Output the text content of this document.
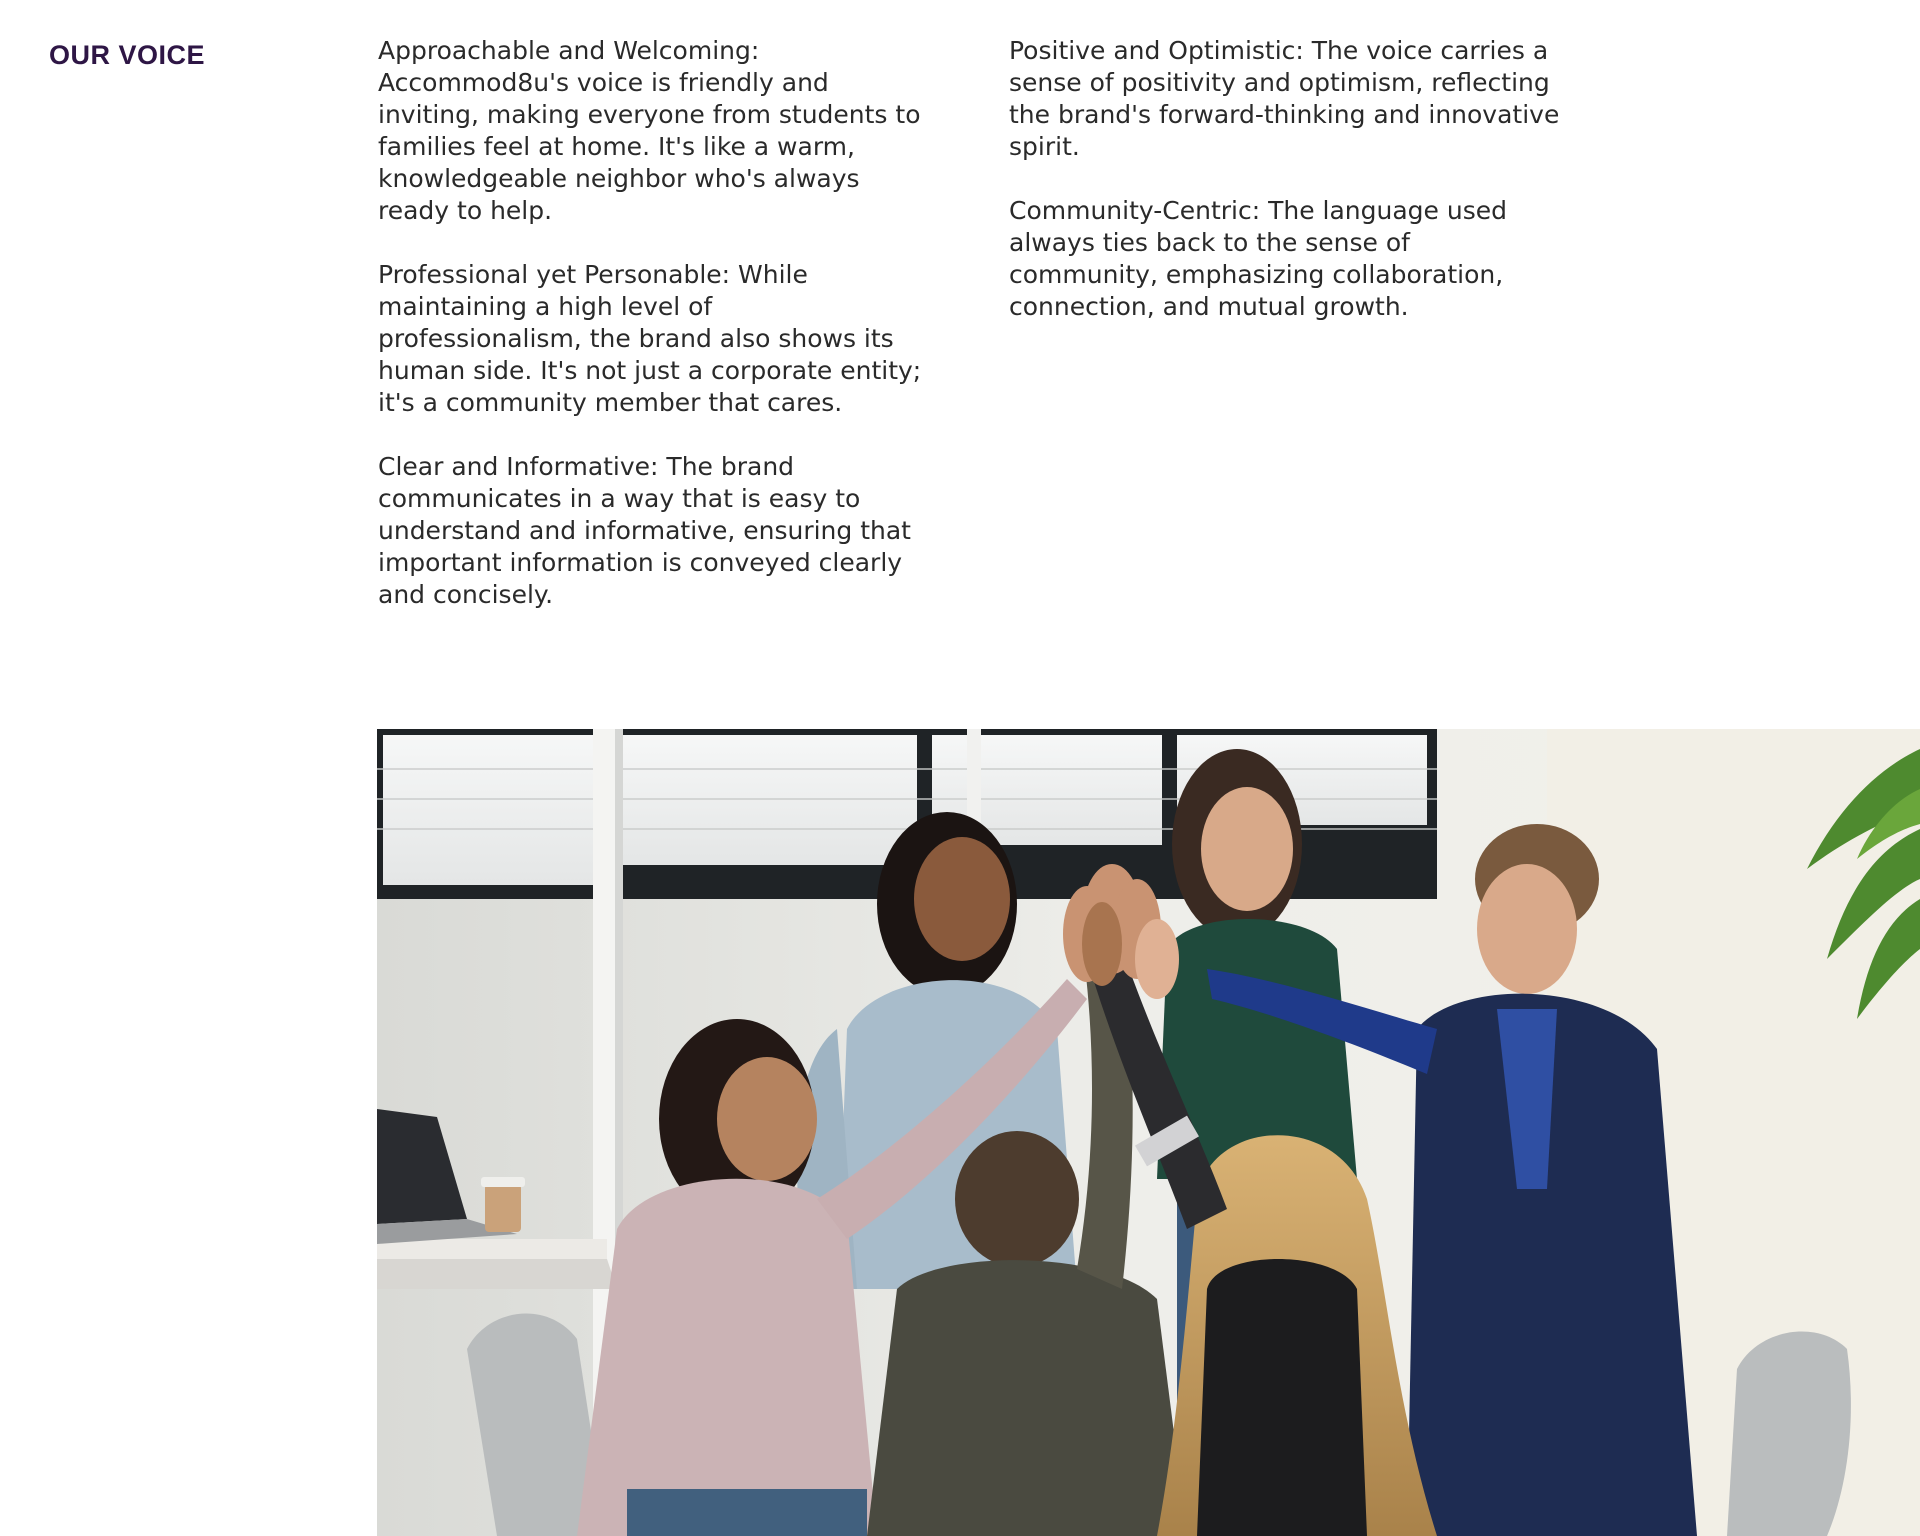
OUR VOICE	Approachable and Welcoming: Accommod8u's voice is friendly and inviting, making everyone from students to families feel at home. It's like a warm, knowledgeable neighbor who's always ready to help.

Professional yet Personable: While maintaining a high level of professionalism, the brand also shows its human side. It's not just a corporate entity; it's a community member that cares.

Clear and Informative: The brand communicates in a way that is easy to understand and informative, ensuring that important information is conveyed clearly and concisely.

Positive and Optimistic: The voice carries a sense of positivity and optimism, reflecting the brand's forward-thinking and innovative spirit.

Community-Centric: The language used always ties back to the sense of community, emphasizing collaboration, connection, and mutual growth.
